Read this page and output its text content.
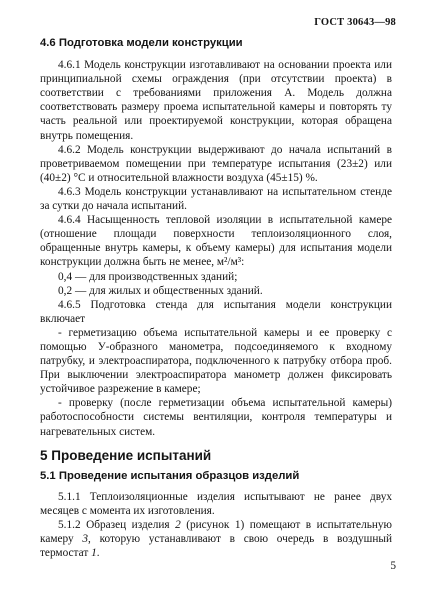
ГОСТ 30643—98
4.6 Подготовка модели конструкции

4.6.1 Модель конструкции изготавливают на основании проекта или принципиальной схемы ограждения (при отсутствии проекта) в соответствии с требованиями приложения А. Модель должна соответствовать размеру проема испытательной камеры и повторять ту часть реальной или проектируемой конструкции, которая обращена внутрь помещения.

4.6.2 Модель конструкции выдерживают до начала испытаний в проветриваемом помещении при температуре испытания (23±2) или (40±2) °С и относительной влажности воздуха (45±15) %.

4.6.3 Модель конструкции устанавливают на испытательном стенде за сутки до начала испытаний.

4.6.4 Насыщенность тепловой изоляции в испытательной камере (отношение площади поверхности теплоизоляционного слоя, обращенные внутрь камеры, к объему камеры) для испытания модели конструкции должна быть не менее, м²/м³:

0,4 — для производственных зданий;

0,2 — для жилых и общественных зданий.

4.6.5 Подготовка стенда для испытания модели конструкции включает

- герметизацию объема испытательной камеры и ее проверку с помощью У-образного манометра, подсоединяемого к входному патрубку, и электроаспиратора, подключенного к патрубку отбора проб. При выключении электроаспиратора манометр должен фиксировать устойчивое разрежение в камере;

- проверку (после герметизации объема испытательной камеры) работоспособности системы вентиляции, контроля температуры и нагревательных систем.

5 Проведение испытаний
5.1 Проведение испытания образцов изделий

5.1.1 Теплоизоляционные изделия испытывают не ранее двух месяцев с момента их изготовления.

5.1.2 Образец изделия 2 (рисунок 1) помещают в испытательную камеру 3, которую устанавливают в свою очередь в воздушный термостат 1.

5
